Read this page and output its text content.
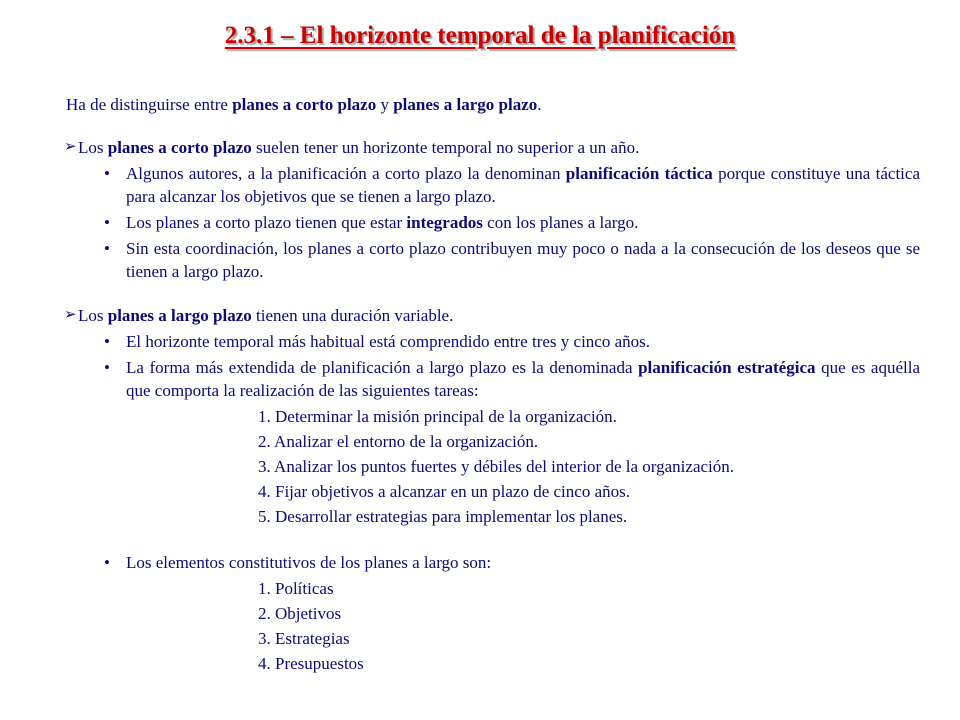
2.3.1 – El horizonte temporal de la planificación

Ha de distinguirse entre planes a corto plazo y planes a largo plazo.

➢ Los planes a corto plazo suelen tener un horizonte temporal no superior a un año.
• Algunos autores, a la planificación a corto plazo la denominan planificación táctica porque constituye una táctica para alcanzar los objetivos que se tienen a largo plazo.
• Los planes a corto plazo tienen que estar integrados con los planes a largo.
• Sin esta coordinación, los planes a corto plazo contribuyen muy poco o nada a la consecución de los deseos que se tienen a largo plazo.
➢ Los planes a largo plazo tienen una duración variable.
• El horizonte temporal más habitual está comprendido entre tres y cinco años.
• La forma más extendida de planificación a largo plazo es la denominada planificación estratégica que es aquélla que comporta la realización de las siguientes tareas:
1. Determinar la misión principal de la organización.
2. Analizar el entorno de la organización.
3. Analizar los puntos fuertes y débiles del interior de la organización.
4. Fijar objetivos a alcanzar en un plazo de cinco años.
5. Desarrollar estrategias para implementar los planes.
• Los elementos constitutivos de los planes a largo son:
1. Políticas
2. Objetivos
3. Estrategias
4. Presupuestos
